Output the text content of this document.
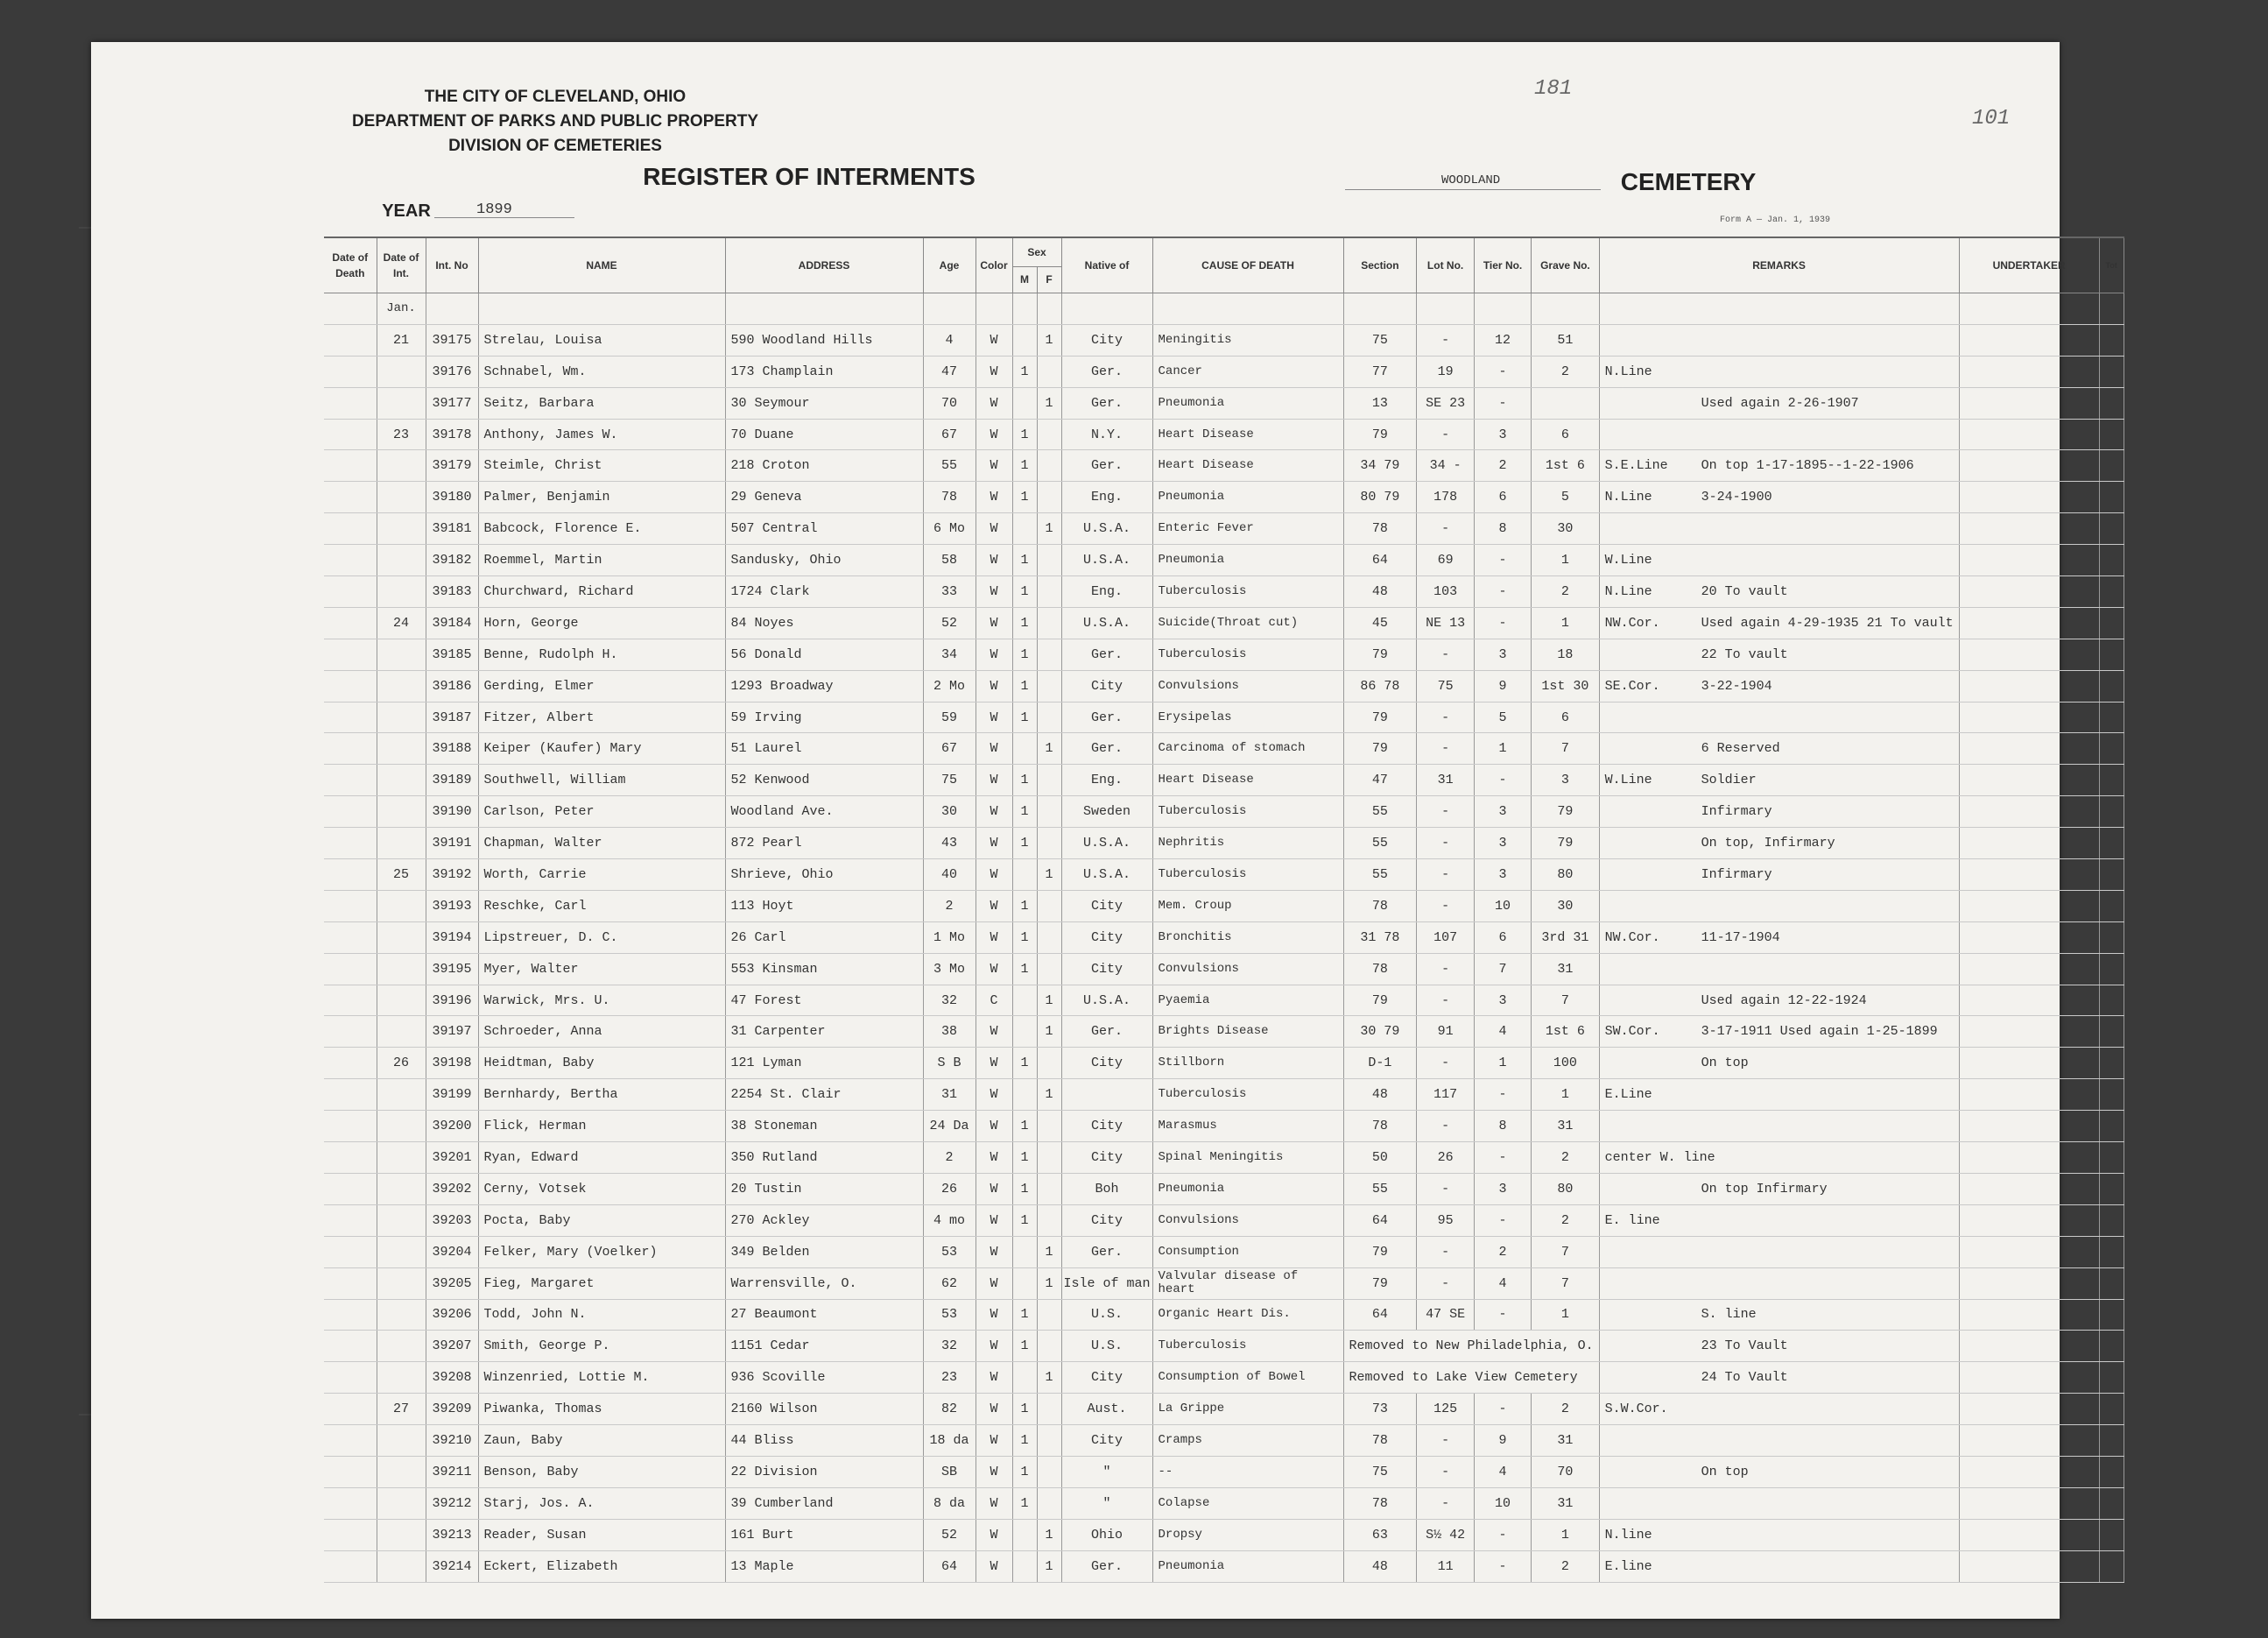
THE CITY OF CLEVELAND, OHIO
DEPARTMENT OF PARKS AND PUBLIC PROPERTY
DIVISION OF CEMETERIES
REGISTER OF INTERMENTS
YEAR	1899
WOODLAND	CEMETERY
Form A — Jan. 1, 1939
181
101
Date of Death	Date of Int.	Int. No	NAME	ADDRESS	Age	Color	Sex		Native of	CAUSE OF DEATH	Section	Lot No.	Tier No.	Grave No.	REMARKS	UNDERTAKER	Tot
							M	F									
	Jan.																
	21	39175	Strelau, Louisa	590 Woodland Hills	4	W		1	City	Meningitis	75	-	12	51			
		39176	Schnabel, Wm.	173 Champlain	47	W	1		Ger.	Cancer	77	19	-	2	N.Line		
		39177	Seitz, Barbara	30 Seymour	70	W		1	Ger.	Pneumonia	13	SE 23	-		Used again 2-26-1907		
	23	39178	Anthony, James W.	70 Duane	67	W	1		N.Y.	Heart Disease	79	-	3	6			
		39179	Steimle, Christ	218 Croton	55	W	1		Ger.	Heart Disease	34 79	34 -	2	1st 6	S.E.Line On top 1-17-1895--1-22-1906		
		39180	Palmer, Benjamin	29 Geneva	78	W	1		Eng.	Pneumonia	80 79	178	6	5	N.Line 3-24-1900		
		39181	Babcock, Florence E.	507 Central	6 Mo	W		1	U.S.A.	Enteric Fever	78	-	8	30			
		39182	Roemmel, Martin	Sandusky, Ohio	58	W	1		U.S.A.	Pneumonia	64	69	-	1	W.Line		
		39183	Churchward, Richard	1724 Clark	33	W	1		Eng.	Tuberculosis	48	103	-	2	N.Line 20 To vault		
	24	39184	Horn, George	84 Noyes	52	W	1		U.S.A.	Suicide(Throat cut)	45	NE 13	-	1	NW.Cor. Used again 4-29-1935 21 To vault		
		39185	Benne, Rudolph H.	56 Donald	34	W	1		Ger.	Tuberculosis	79	-	3	18	22 To vault		
		39186	Gerding, Elmer	1293 Broadway	2 Mo	W	1		City	Convulsions	86 78	75	9	1st 30	SE.Cor. 3-22-1904		
		39187	Fitzer, Albert	59 Irving	59	W	1		Ger.	Erysipelas	79	-	5	6			
		39188	Keiper (Kaufer) Mary	51 Laurel	67	W		1	Ger.	Carcinoma of stomach	79	-	1	7	6 Reserved		
		39189	Southwell, William	52 Kenwood	75	W	1		Eng.	Heart Disease	47	31	-	3	W.Line Soldier		
		39190	Carlson, Peter	Woodland Ave.	30	W	1		Sweden	Tuberculosis	55	-	3	79	Infirmary		
		39191	Chapman, Walter	872 Pearl	43	W	1		U.S.A.	Nephritis	55	-	3	79	On top, Infirmary		
	25	39192	Worth, Carrie	Shrieve, Ohio	40	W		1	U.S.A.	Tuberculosis	55	-	3	80	Infirmary		
		39193	Reschke, Carl	113 Hoyt	2	W	1		City	Mem. Croup	78	-	10	30			
		39194	Lipstreuer, D. C.	26 Carl	1 Mo	W	1		City	Bronchitis	31 78	107	6	3rd 31	NW.Cor. 11-17-1904		
		39195	Myer, Walter	553 Kinsman	3 Mo	W	1		City	Convulsions	78	-	7	31			
		39196	Warwick, Mrs. U.	47 Forest	32	C		1	U.S.A.	Pyaemia	79	-	3	7	Used again 12-22-1924		
		39197	Schroeder, Anna	31 Carpenter	38	W		1	Ger.	Brights Disease	30 79	91	4	1st 6	SW.Cor. 3-17-1911 Used again 1-25-1899		
	26	39198	Heidtman, Baby	121 Lyman	S B	W	1		City	Stillborn	D-1	-	1	100	On top		
		39199	Bernhardy, Bertha	2254 St. Clair	31	W		1		Tuberculosis	48	117	-	1	E.Line		
		39200	Flick, Herman	38 Stoneman	24 Da	W	1		City	Marasmus	78	-	8	31			
		39201	Ryan, Edward	350 Rutland	2	W	1		City	Spinal Meningitis	50	26	-	2	center W. line		
		39202	Cerny, Votsek	20 Tustin	26	W	1		Boh	Pneumonia	55	-	3	80	On top Infirmary		
		39203	Pocta, Baby	270 Ackley	4 mo	W	1		City	Convulsions	64	95	-	2	E. line		
		39204	Felker, Mary (Voelker)	349 Belden	53	W		1	Ger.	Consumption	79	-	2	7			
		39205	Fieg, Margaret	Warrensville, O.	62	W		1	Isle of man	Valvular disease of heart	79	-	4	7			
		39206	Todd, John N.	27 Beaumont	53	W	1		U.S.	Organic Heart Dis.	64	47 SE	-	1	S. line		
		39207	Smith, George P.	1151 Cedar	32	W	1		U.S.	Tuberculosis	Removed to New Philadelphia, O.				23 To Vault		
		39208	Winzenried, Lottie M.	936 Scoville	23	W		1	City	Consumption of Bowel	Removed to Lake View Cemetery				24 To Vault		
	27	39209	Piwanka, Thomas	2160 Wilson	82	W	1		Aust.	La Grippe	73	125	-	2	S.W.Cor.		
		39210	Zaun, Baby	44 Bliss	18 da	W	1		City	Cramps	78	-	9	31			
		39211	Benson, Baby	22 Division	SB	W	1		"	--	75	-	4	70	On top		
		39212	Starj, Jos. A.	39 Cumberland	8 da	W	1		"	Colapse	78	-	10	31			
		39213	Reader, Susan	161 Burt	52	W		1	Ohio	Dropsy	63	S½ 42	-	1	N.line		
		39214	Eckert, Elizabeth	13 Maple	64	W		1	Ger.	Pneumonia	48	11	-	2	E.line		
